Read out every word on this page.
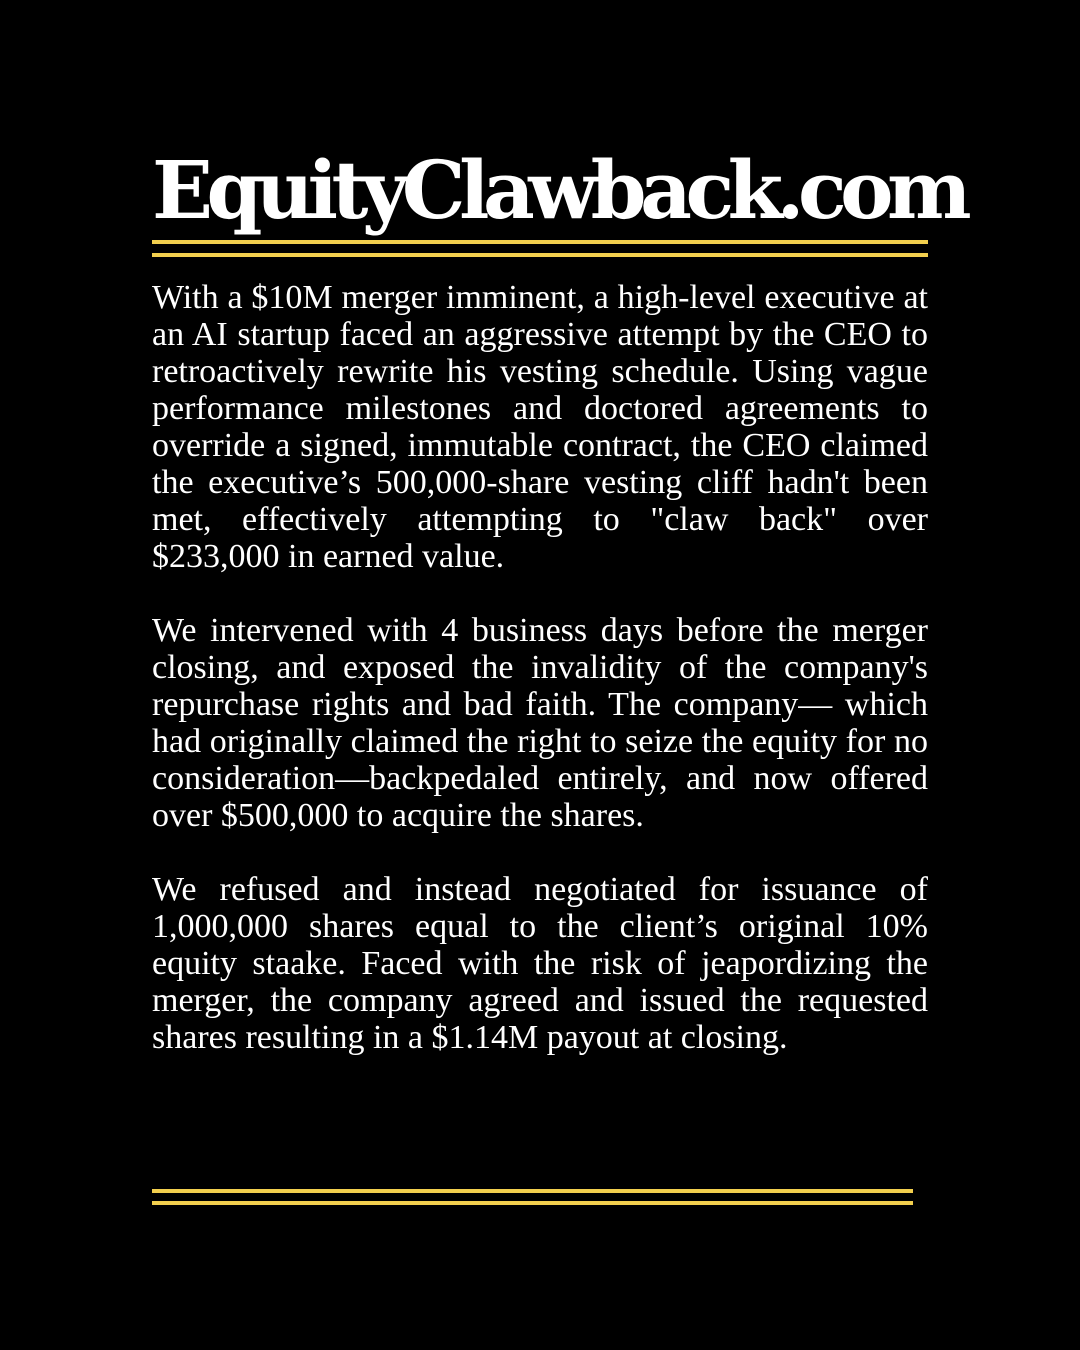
EquityClawback.com

With a $10M merger imminent, a high-level executive at an AI startup faced an aggressive attempt by the CEO to retroactively rewrite his vesting schedule. Using vague performance milestones and doctored agreements to override a signed, immutable contract, the CEO claimed the executive’s 500,000-share vesting cliff hadn't been met, effectively attempting to "claw back" over $233,000 in earned value.

We intervened with 4 business days before the merger closing, and exposed the invalidity of the company's repurchase rights and bad faith. The company— which had originally claimed the right to seize the equity for no consideration—backpedaled entirely, and now offered over $500,000 to acquire the shares.

We refused and instead negotiated for issuance of 1,000,000 shares equal to the client’s original 10% equity staake. Faced with the risk of jeapordizing the merger, the company agreed and issued the requested shares resulting in a $1.14M payout at closing.
